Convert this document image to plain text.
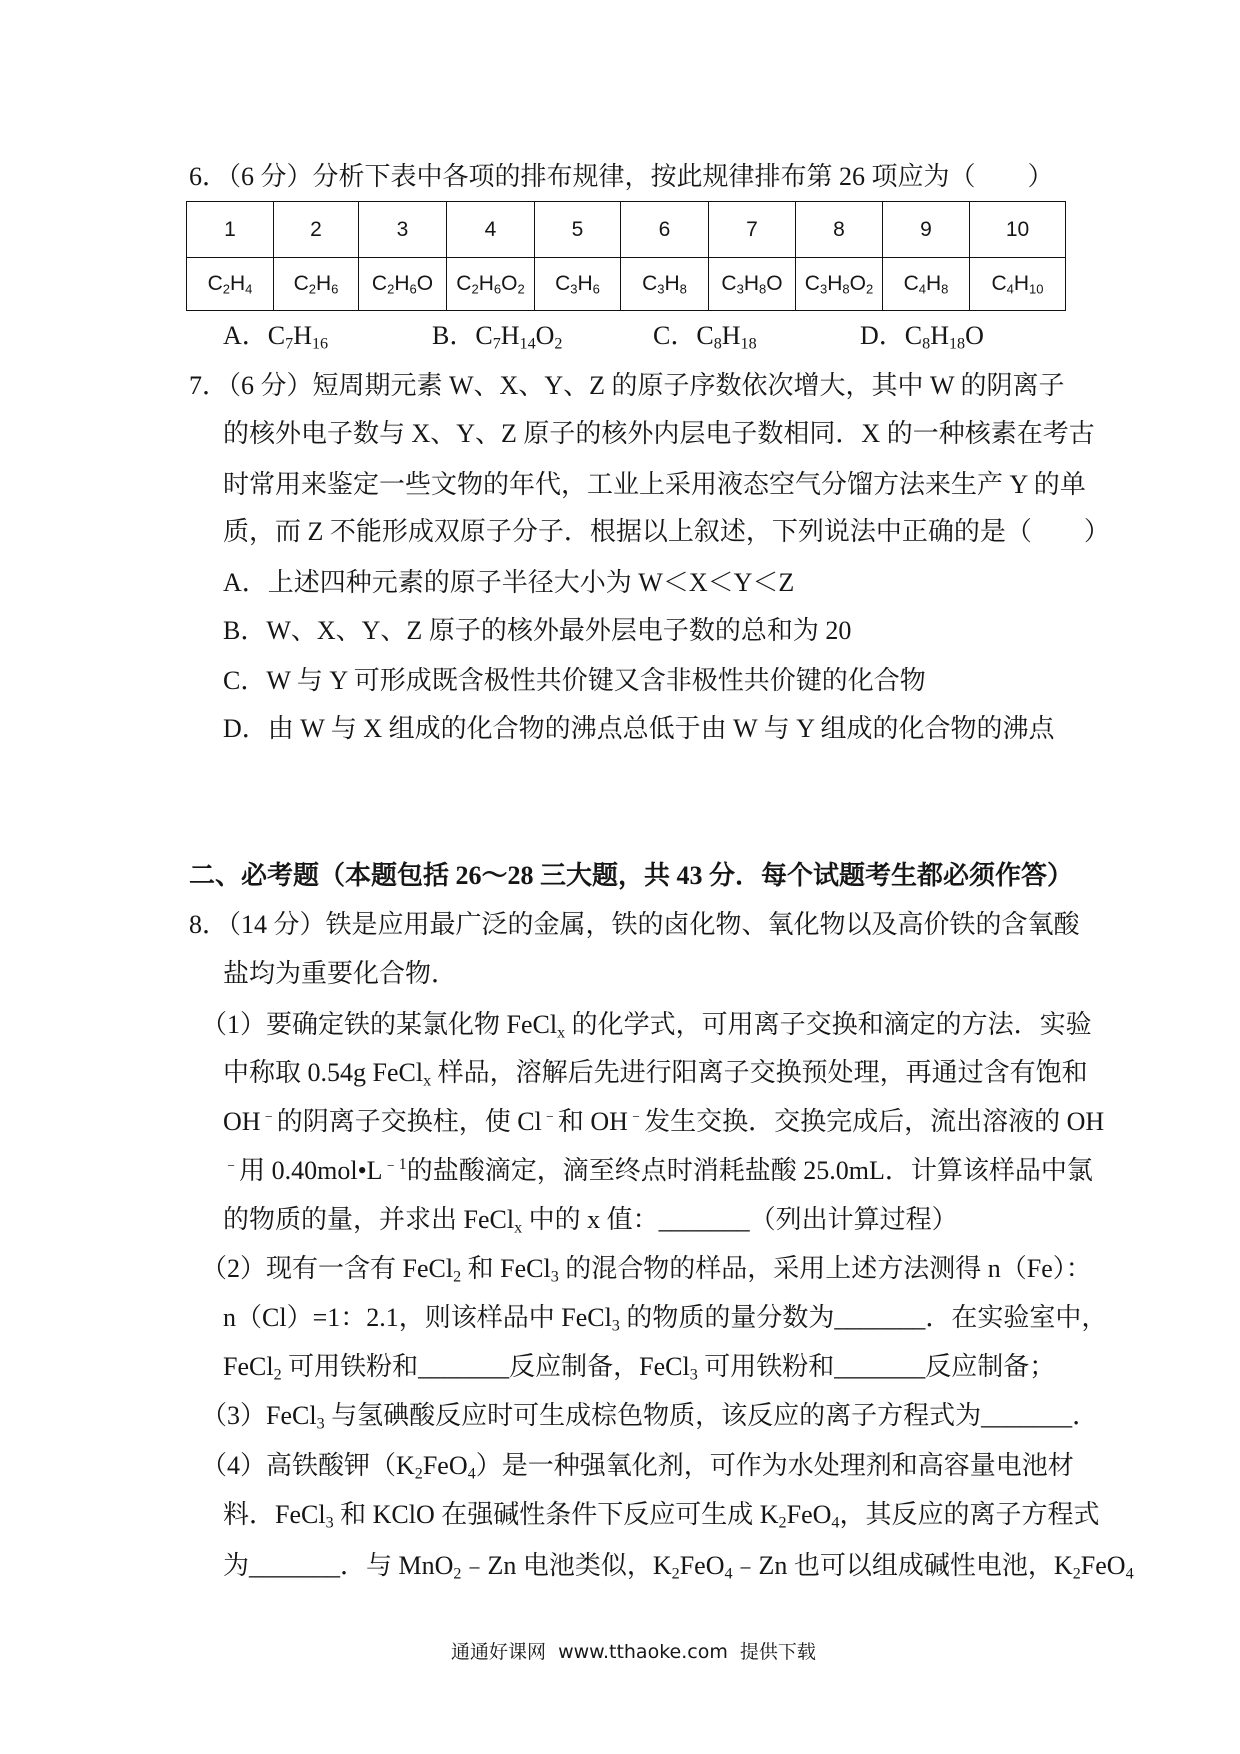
6．（6 分）分析下表中各项的排布规律，按此规律排布第 26 项应为（　　）
1	2	3	4	5	6	7	8	9	10
$C_2H_4$	$C_2H_6$	$C_2H_6O$	$C_2H_6O_2$	$C_3H_6$	$C_3H_8$	$C_3H_8O$	$C_3H_8O_2$	$C_4H_8$	$C_4H_{10}$
A．$C_7H_{16}$	B．$C_7H_{14}O_2$	C．$C_8H_{18}$	D．$C_8H_{18}O$
7．（6 分）短周期元素 W、X、Y、Z 的原子序数依次增大，其中 W 的阴离子
的核外电子数与 X、Y、Z 原子的核外内层电子数相同．X 的一种核素在考古
时常用来鉴定一些文物的年代，工业上采用液态空气分馏方法来生产 Y 的单
质，而 Z 不能形成双原子分子．根据以上叙述，下列说法中正确的是（　　）
A．上述四种元素的原子半径大小为 W＜X＜Y＜Z
B．W、X、Y、Z 原子的核外最外层电子数的总和为 20
C．W 与 Y 可形成既含极性共价键又含非极性共价键的化合物
D．由 W 与 X 组成的化合物的沸点总低于由 W 与 Y 组成的化合物的沸点
二、必考题（本题包括 26～28 三大题，共 43 分．每个试题考生都必须作答）
8．（14 分）铁是应用最广泛的金属，铁的卤化物、氧化物以及高价铁的含氧酸
盐均为重要化合物．
（1）要确定铁的某氯化物 FeCl$_x$ 的化学式，可用离子交换和滴定的方法．实验
中称取 0.54g FeCl$_x$ 样品，溶解后先进行阳离子交换预处理，再通过含有饱和
OH﹣的阴离子交换柱，使 Cl﹣和 OH﹣发生交换．交换完成后，流出溶液的 OH
﹣用 $0.40mol•L^{﹣1}$的盐酸滴定，滴至终点时消耗盐酸 25.0mL．计算该样品中氯
的物质的量，并求出 FeCl$_x$ 中的 x 值：_______（列出计算过程）
（2）现有一含有 FeCl$_2$ 和 FeCl$_3$ 的混合物的样品，采用上述方法测得 n（Fe）：
n（Cl）=1：2.1，则该样品中 FeCl$_3$ 的物质的量分数为_______．在实验室中，
FeCl$_2$ 可用铁粉和_______反应制备，FeCl$_3$ 可用铁粉和_______反应制备；
（3）FeCl$_3$ 与氢碘酸反应时可生成棕色物质，该反应的离子方程式为_______．
（4）高铁酸钾$(K_2FeO_4)$是一种强氧化剂，可作为水处理剂和高容量电池材
料．FeCl$_3$ 和 KClO 在强碱性条件下反应可生成 $K_2FeO_4$，其反应的离子方程式
为_______．与 MnO$_2$﹣Zn 电池类似，$K_2FeO_4﹣Zn$ 也可以组成碱性电池，$K_2FeO_4$
通通好课网  www.tthaoke.com  提供下载
